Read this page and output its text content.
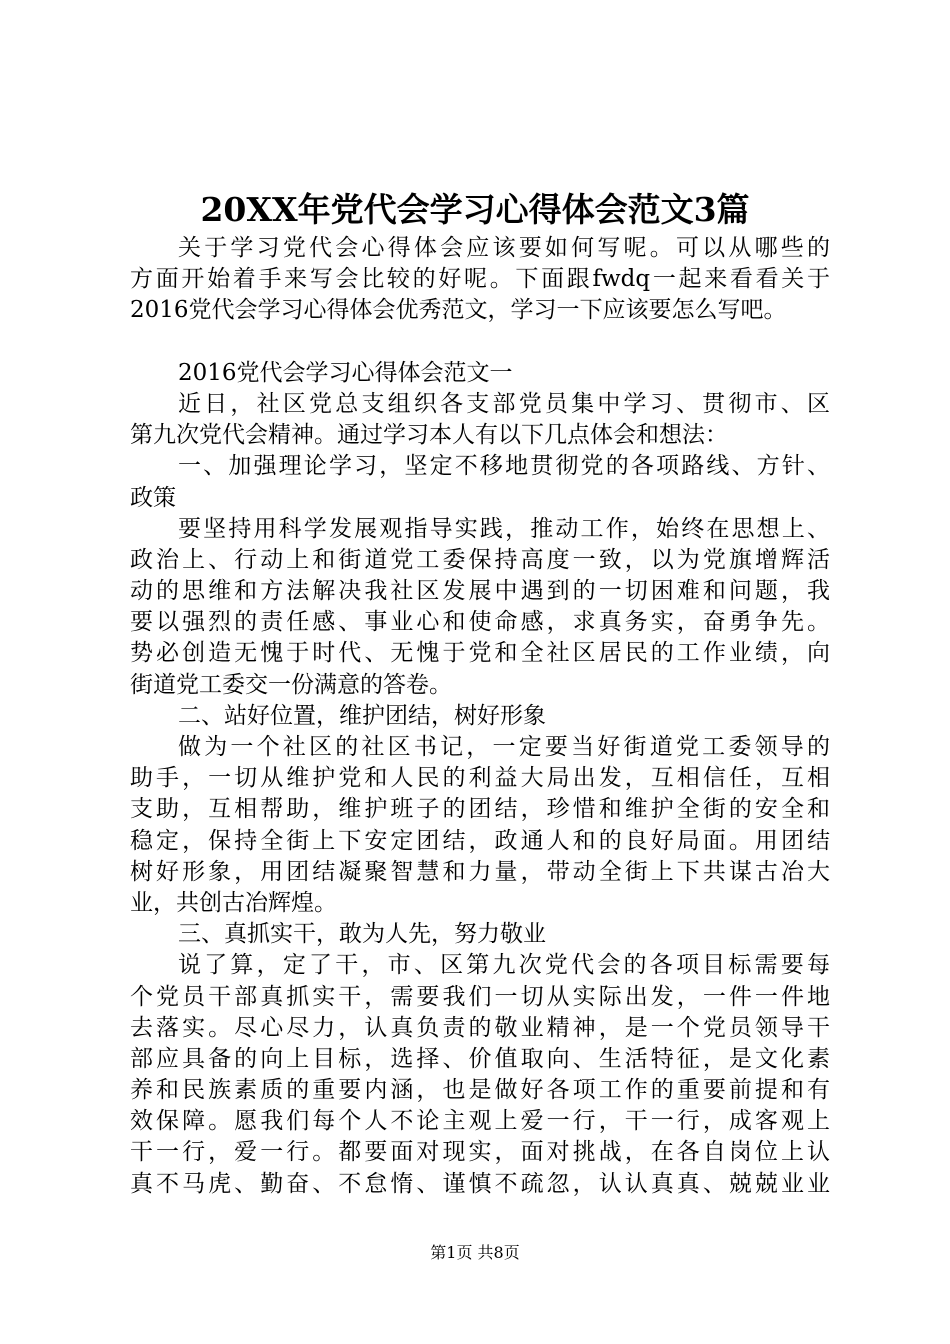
20XX年党代会学习心得体会范文3篇
关于学习党代会心得体会应该要如何写呢。可以从哪些的
方面开始着手来写会比较的好呢。下面跟fwdq一起来看看关于
2016党代会学习心得体会优秀范文，学习一下应该要怎么写吧。
2016党代会学习心得体会范文一
近日，社区党总支组织各支部党员集中学习、贯彻市、区
第九次党代会精神。通过学习本人有以下几点体会和想法：
一、加强理论学习，坚定不移地贯彻党的各项路线、方针、
政策
要坚持用科学发展观指导实践，推动工作，始终在思想上、
政治上、行动上和街道党工委保持高度一致，以为党旗增辉活
动的思维和方法解决我社区发展中遇到的一切困难和问题，我
要以强烈的责任感、事业心和使命感，求真务实，奋勇争先。
势必创造无愧于时代、无愧于党和全社区居民的工作业绩，向
街道党工委交一份满意的答卷。
二、站好位置，维护团结，树好形象
做为一个社区的社区书记，一定要当好街道党工委领导的
助手，一切从维护党和人民的利益大局出发，互相信任，互相
支助，互相帮助，维护班子的团结，珍惜和维护全街的安全和
稳定，保持全街上下安定团结，政通人和的良好局面。用团结
树好形象，用团结凝聚智慧和力量，带动全街上下共谋古冶大
业，共创古冶辉煌。
三、真抓实干，敢为人先，努力敬业
说了算，定了干，市、区第九次党代会的各项目标需要每
个党员干部真抓实干，需要我们一切从实际出发，一件一件地
去落实。尽心尽力，认真负责的敬业精神，是一个党员领导干
部应具备的向上目标，选择、价值取向、生活特征，是文化素
养和民族素质的重要内涵，也是做好各项工作的重要前提和有
效保障。愿我们每个人不论主观上爱一行，干一行，成客观上
干一行，爱一行。都要面对现实，面对挑战，在各自岗位上认
真不马虎、勤奋、不怠惰、谨慎不疏忽，认认真真、兢兢业业
第1页 共8页
